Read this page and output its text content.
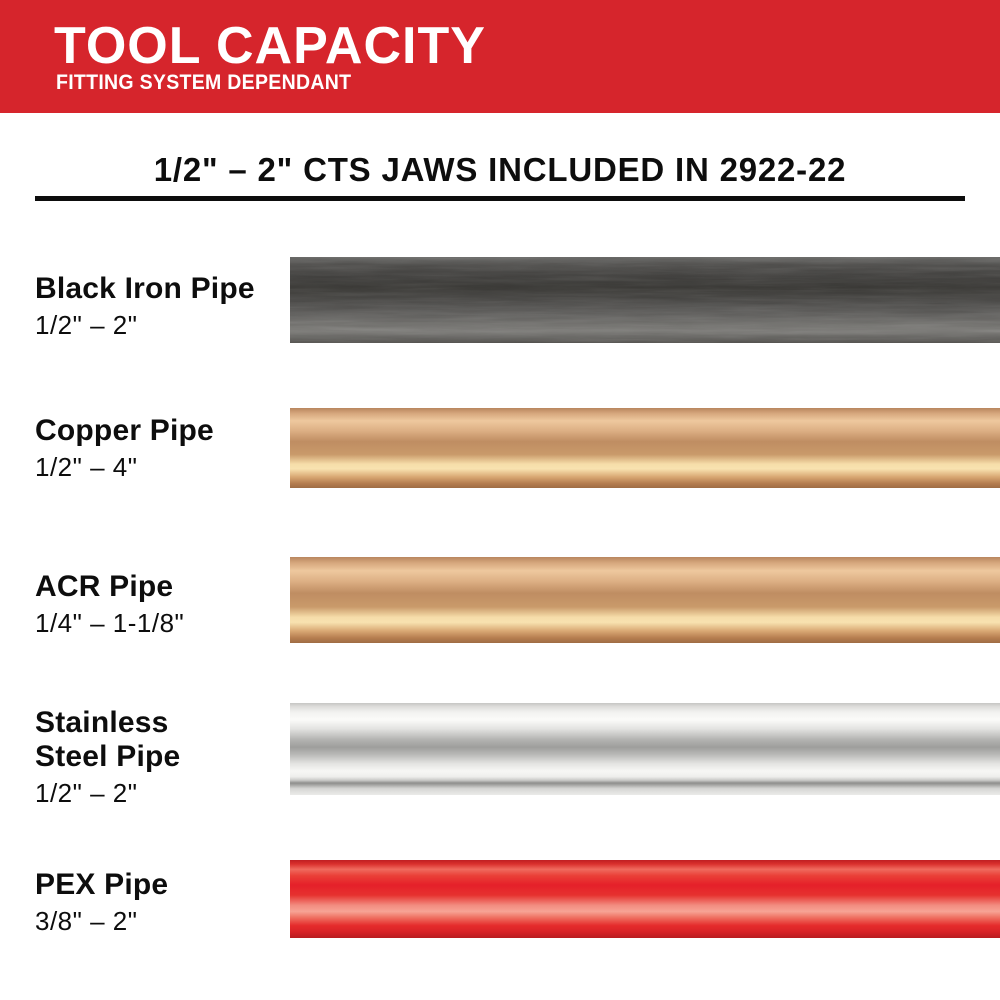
TOOL CAPACITY
FITTING SYSTEM DEPENDANT
1/2" – 2" CTS JAWS INCLUDED IN 2922-22
Black Iron Pipe
1/2" – 2"
Copper Pipe
1/2" – 4"
ACR Pipe
1/4" – 1-1/8"
Stainless
Steel Pipe
1/2" – 2"
PEX Pipe
3/8" – 2"
